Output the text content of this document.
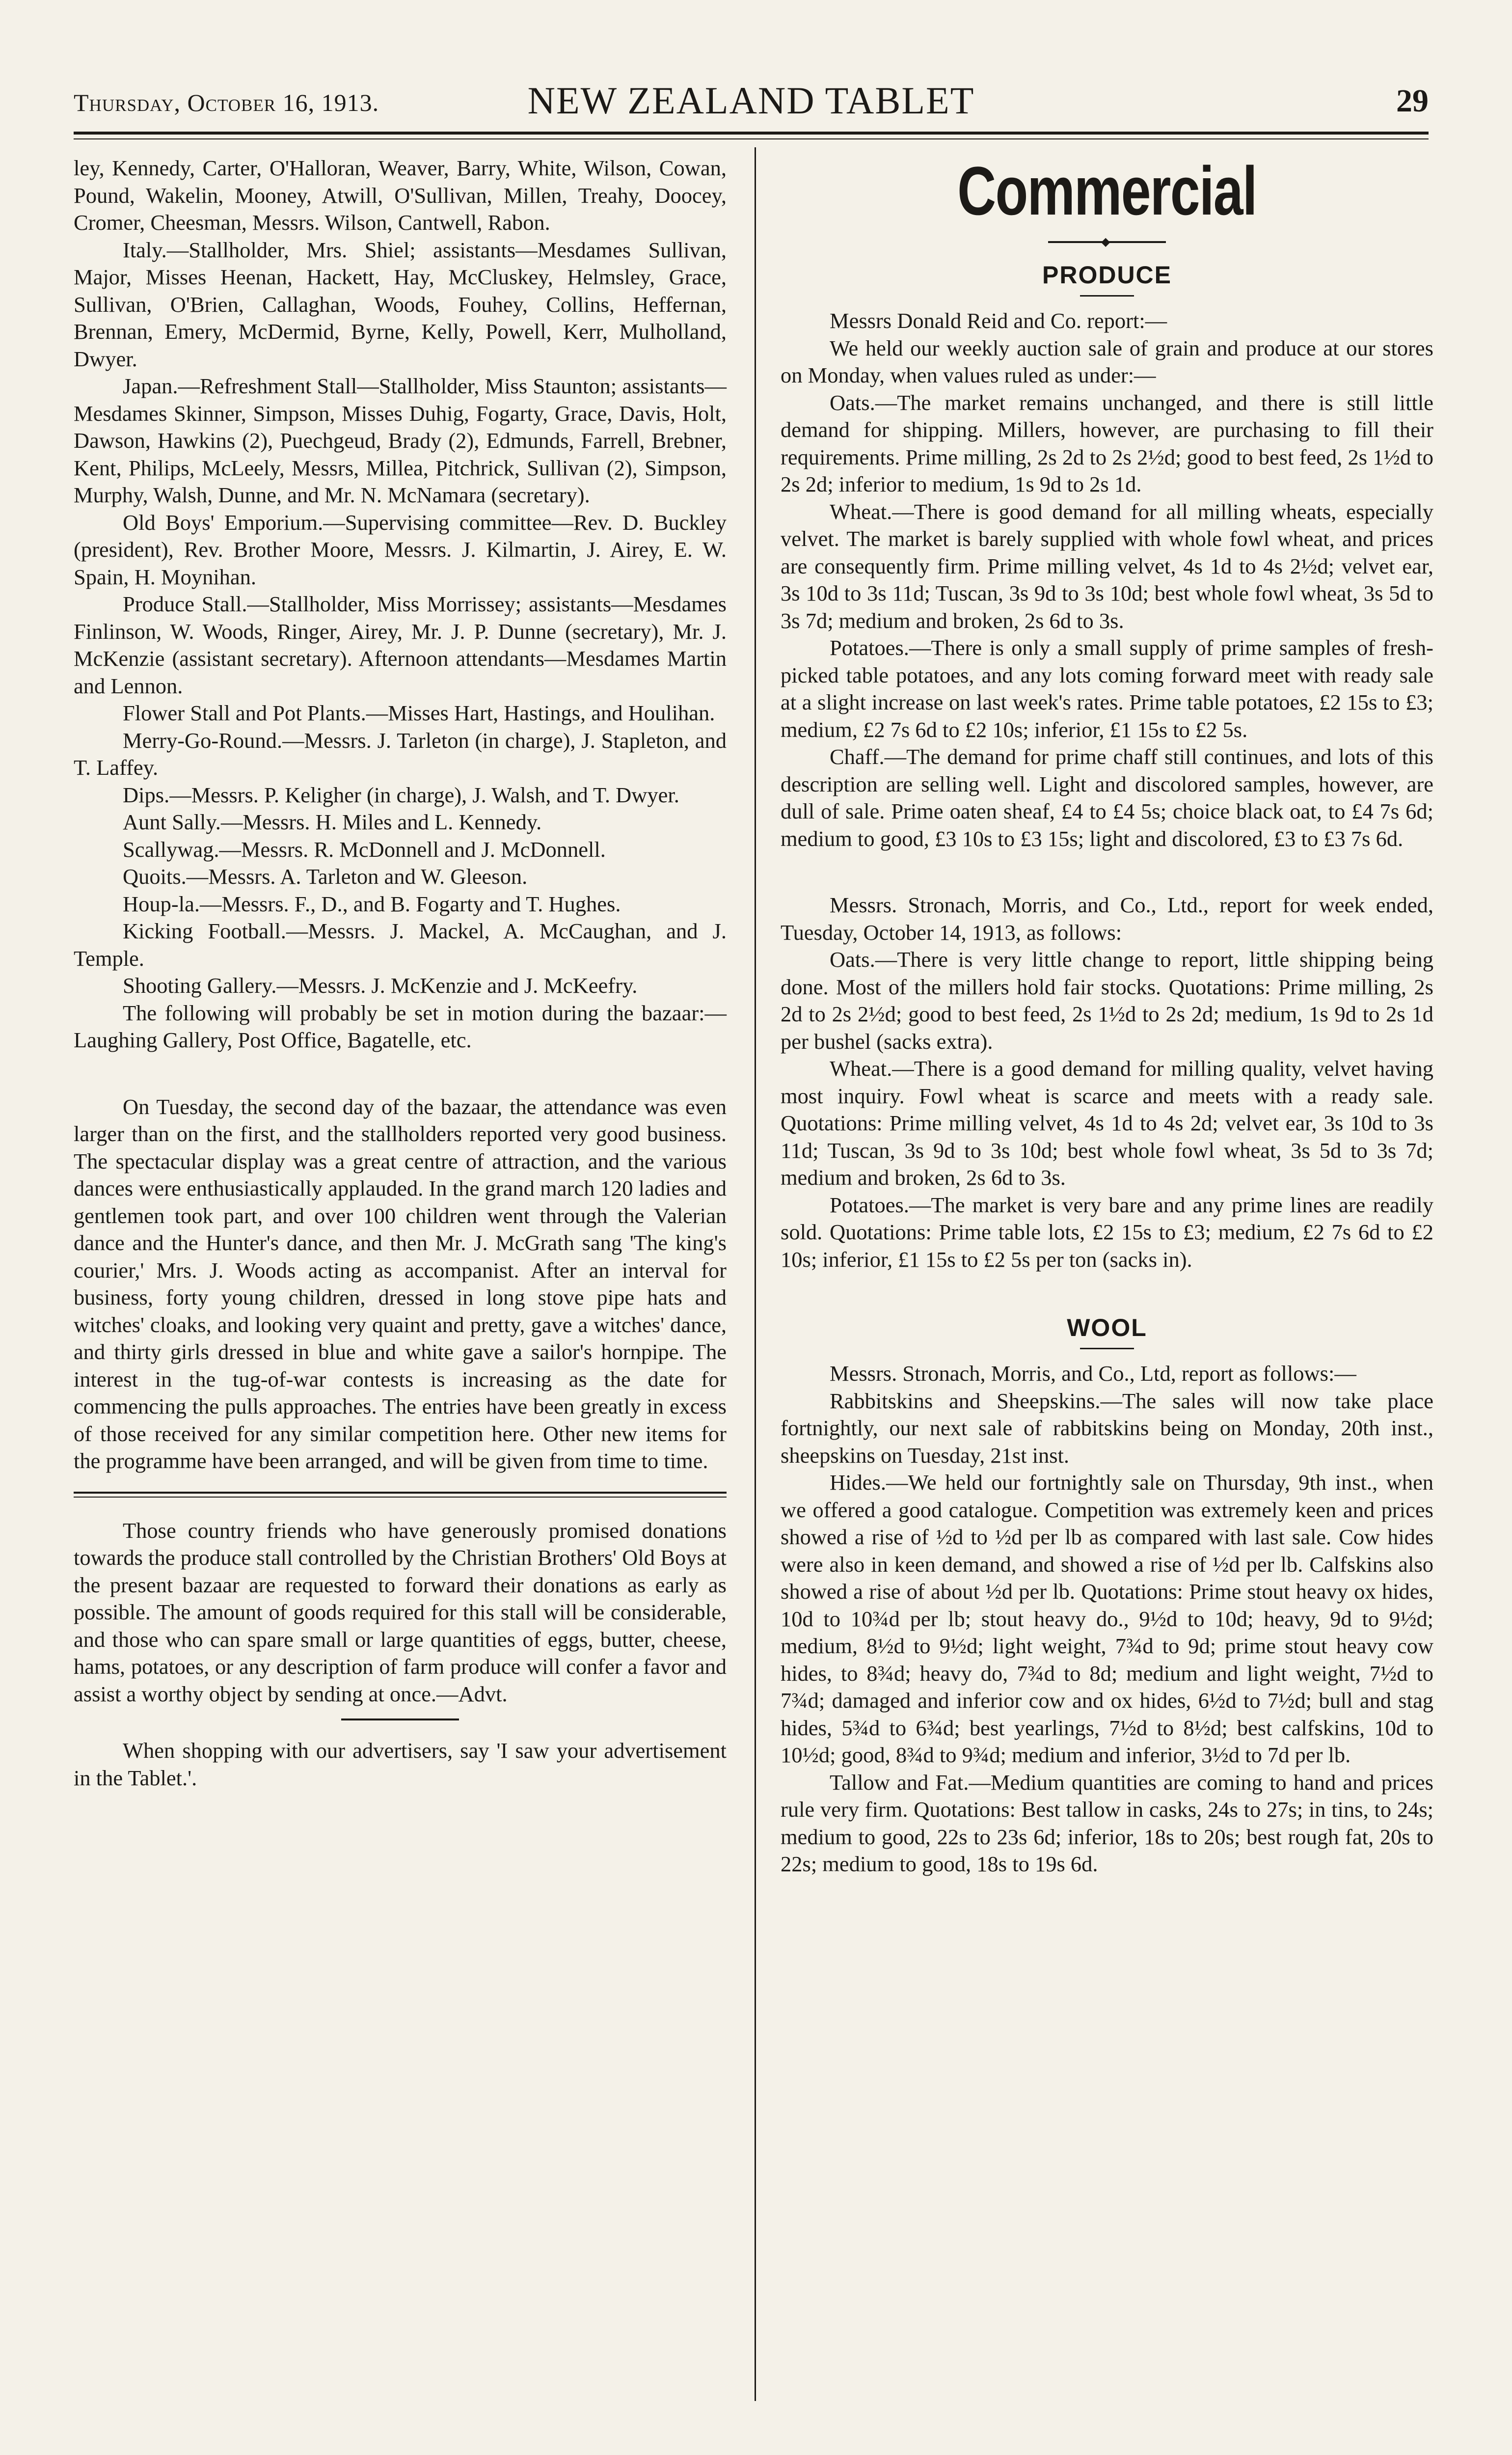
Thursday, October 16, 1913.	NEW ZEALAND TABLET	29

ley, Kennedy, Carter, O'Halloran, Weaver, Barry, White, Wilson, Cowan, Pound, Wakelin, Mooney, Atwill, O'Sullivan, Millen, Treahy, Doocey, Cromer, Cheesman, Messrs. Wilson, Cantwell, Rabon.

Italy.—Stallholder, Mrs. Shiel; assistants—Mesdames Sullivan, Major, Misses Heenan, Hackett, Hay, McCluskey, Helmsley, Grace, Sullivan, O'Brien, Callaghan, Woods, Fouhey, Collins, Heffernan, Brennan, Emery, McDermid, Byrne, Kelly, Powell, Kerr, Mulholland, Dwyer.

Japan.—Refreshment Stall—Stallholder, Miss Staunton; assistants—Mesdames Skinner, Simpson, Misses Duhig, Fogarty, Grace, Davis, Holt, Dawson, Hawkins (2), Puechgeud, Brady (2), Edmunds, Farrell, Brebner, Kent, Philips, McLeely, Messrs, Millea, Pitchrick, Sullivan (2), Simpson, Murphy, Walsh, Dunne, and Mr. N. McNamara (secretary).

Old Boys' Emporium.—Supervising committee—Rev. D. Buckley (president), Rev. Brother Moore, Messrs. J. Kilmartin, J. Airey, E. W. Spain, H. Moynihan.

Produce Stall.—Stallholder, Miss Morrissey; assistants—Mesdames Finlinson, W. Woods, Ringer, Airey, Mr. J. P. Dunne (secretary), Mr. J. McKenzie (assistant secretary). Afternoon attendants—Mesdames Martin and Lennon.

Flower Stall and Pot Plants.—Misses Hart, Hastings, and Houlihan.

Merry-Go-Round.—Messrs. J. Tarleton (in charge), J. Stapleton, and T. Laffey.

Dips.—Messrs. P. Keligher (in charge), J. Walsh, and T. Dwyer.

Aunt Sally.—Messrs. H. Miles and L. Kennedy.

Scallywag.—Messrs. R. McDonnell and J. McDonnell.

Quoits.—Messrs. A. Tarleton and W. Gleeson.

Houp-la.—Messrs. F., D., and B. Fogarty and T. Hughes.

Kicking Football.—Messrs. J. Mackel, A. McCaughan, and J. Temple.

Shooting Gallery.—Messrs. J. McKenzie and J. McKeefry.

The following will probably be set in motion during the bazaar:—Laughing Gallery, Post Office, Bagatelle, etc.

On Tuesday, the second day of the bazaar, the attendance was even larger than on the first, and the stallholders reported very good business. The spectacular display was a great centre of attraction, and the various dances were enthusiastically applauded. In the grand march 120 ladies and gentlemen took part, and over 100 children went through the Valerian dance and the Hunter's dance, and then Mr. J. McGrath sang 'The king's courier,' Mrs. J. Woods acting as accompanist. After an interval for business, forty young children, dressed in long stove pipe hats and witches' cloaks, and looking very quaint and pretty, gave a witches' dance, and thirty girls dressed in blue and white gave a sailor's hornpipe. The interest in the tug-of-war contests is increasing as the date for commencing the pulls approaches. The entries have been greatly in excess of those received for any similar competition here. Other new items for the programme have been arranged, and will be given from time to time.

Those country friends who have generously promised donations towards the produce stall controlled by the Christian Brothers' Old Boys at the present bazaar are requested to forward their donations as early as possible. The amount of goods required for this stall will be considerable, and those who can spare small or large quantities of eggs, butter, cheese, hams, potatoes, or any description of farm produce will confer a favor and assist a worthy object by sending at once.—Advt.

When shopping with our advertisers, say 'I saw your advertisement in the Tablet.'.

Commercial
◆
PRODUCE

Messrs Donald Reid and Co. report:—

We held our weekly auction sale of grain and produce at our stores on Monday, when values ruled as under:—

Oats.—The market remains unchanged, and there is still little demand for shipping. Millers, however, are purchasing to fill their requirements. Prime milling, 2s 2d to 2s 2½d; good to best feed, 2s 1½d to 2s 2d; inferior to medium, 1s 9d to 2s 1d.

Wheat.—There is good demand for all milling wheats, especially velvet. The market is barely supplied with whole fowl wheat, and prices are consequently firm. Prime milling velvet, 4s 1d to 4s 2½d; velvet ear, 3s 10d to 3s 11d; Tuscan, 3s 9d to 3s 10d; best whole fowl wheat, 3s 5d to 3s 7d; medium and broken, 2s 6d to 3s.

Potatoes.—There is only a small supply of prime samples of fresh-picked table potatoes, and any lots coming forward meet with ready sale at a slight increase on last week's rates. Prime table potatoes, £2 15s to £3; medium, £2 7s 6d to £2 10s; inferior, £1 15s to £2 5s.

Chaff.—The demand for prime chaff still continues, and lots of this description are selling well. Light and discolored samples, however, are dull of sale. Prime oaten sheaf, £4 to £4 5s; choice black oat, to £4 7s 6d; medium to good, £3 10s to £3 15s; light and discolored, £3 to £3 7s 6d.

Messrs. Stronach, Morris, and Co., Ltd., report for week ended, Tuesday, October 14, 1913, as follows:

Oats.—There is very little change to report, little shipping being done. Most of the millers hold fair stocks. Quotations: Prime milling, 2s 2d to 2s 2½d; good to best feed, 2s 1½d to 2s 2d; medium, 1s 9d to 2s 1d per bushel (sacks extra).

Wheat.—There is a good demand for milling quality, velvet having most inquiry. Fowl wheat is scarce and meets with a ready sale. Quotations: Prime milling velvet, 4s 1d to 4s 2d; velvet ear, 3s 10d to 3s 11d; Tuscan, 3s 9d to 3s 10d; best whole fowl wheat, 3s 5d to 3s 7d; medium and broken, 2s 6d to 3s.

Potatoes.—The market is very bare and any prime lines are readily sold. Quotations: Prime table lots, £2 15s to £3; medium, £2 7s 6d to £2 10s; inferior, £1 15s to £2 5s per ton (sacks in).

WOOL

Messrs. Stronach, Morris, and Co., Ltd, report as follows:—

Rabbitskins and Sheepskins.—The sales will now take place fortnightly, our next sale of rabbitskins being on Monday, 20th inst., sheepskins on Tuesday, 21st inst.

Hides.—We held our fortnightly sale on Thursday, 9th inst., when we offered a good catalogue. Competition was extremely keen and prices showed a rise of ½d to ½d per lb as compared with last sale. Cow hides were also in keen demand, and showed a rise of ½d per lb. Calfskins also showed a rise of about ½d per lb. Quotations: Prime stout heavy ox hides, 10d to 10¾d per lb; stout heavy do., 9½d to 10d; heavy, 9d to 9½d; medium, 8½d to 9½d; light weight, 7¾d to 9d; prime stout heavy cow hides, to 8¾d; heavy do, 7¾d to 8d; medium and light weight, 7½d to 7¾d; damaged and inferior cow and ox hides, 6½d to 7½d; bull and stag hides, 5¾d to 6¾d; best yearlings, 7½d to 8½d; best calfskins, 10d to 10½d; good, 8¾d to 9¾d; medium and inferior, 3½d to 7d per lb.

Tallow and Fat.—Medium quantities are coming to hand and prices rule very firm. Quotations: Best tallow in casks, 24s to 27s; in tins, to 24s; medium to good, 22s to 23s 6d; inferior, 18s to 20s; best rough fat, 20s to 22s; medium to good, 18s to 19s 6d.
